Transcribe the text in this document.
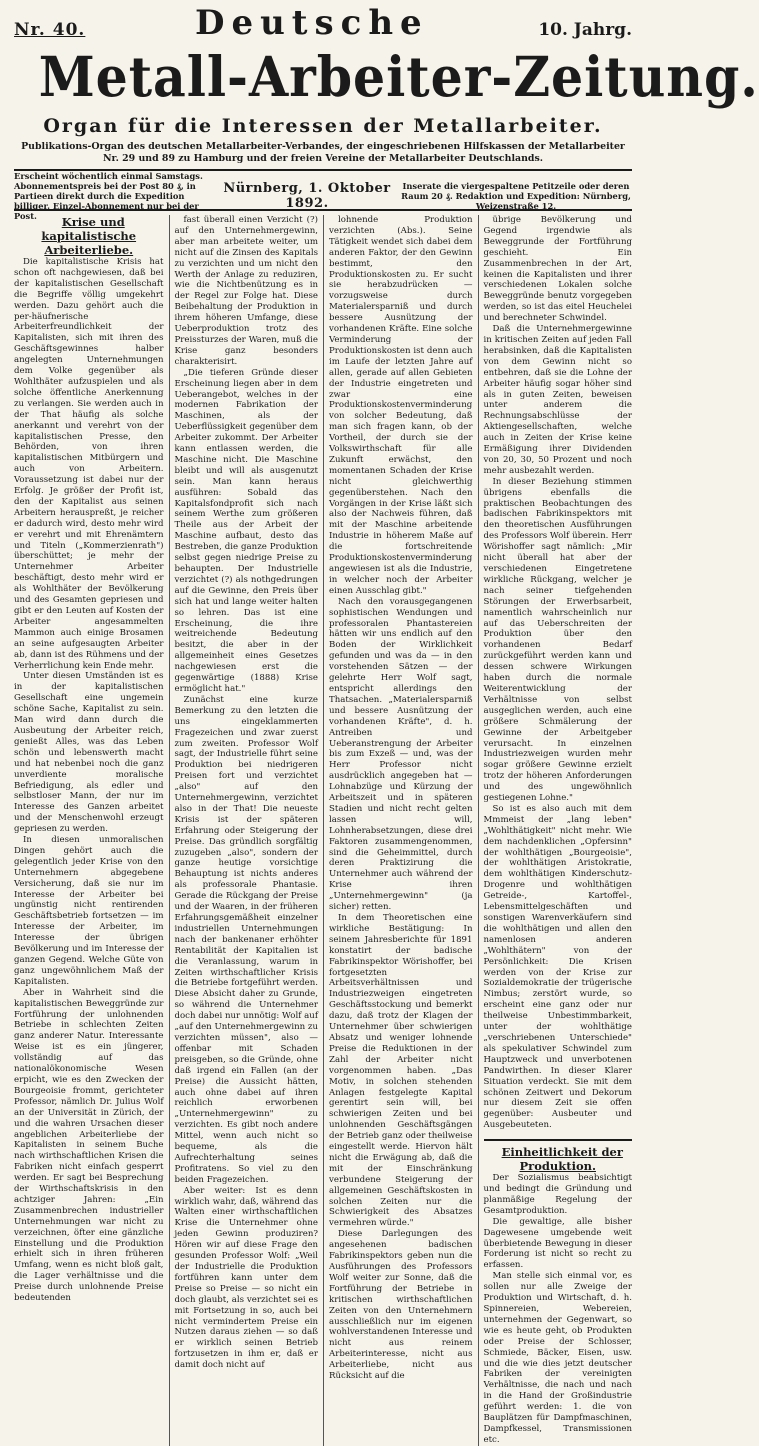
Nr. 40.	Deutsche	10. Jahrg.
Metall-Arbeiter-Zeitung.
Organ für die Interessen der Metallarbeiter.
Publikations-Organ des deutschen Metallarbeiter-Verbandes, der eingeschriebenen Hilfskassen der Metallarbeiter Nr. 29 und 89 zu Hamburg und der freien Vereine der Metallarbeiter Deutschlands.
Erscheint wöchentlich einmal Samstags. Abonnementspreis bei der Post 80 ₰, in Partieen direkt durch die Expedition billiger. Einzel-Abonnement nur bei der Post.
Nürnberg, 1. Oktober 1892.
Inserate die viergespaltene Petitzeile oder deren Raum 20 ₰. Redaktion und Expedition: Nürnberg, Weizenstraße 12.

Krise und kapitalistische Arbeiterliebe.

Die kapitalistische Krisis hat schon oft nachgewiesen, daß bei der kapitalistischen Gesellschaft die Begriffe völlig umgekehrt werden. Dazu gehört auch die per-häufnerische Arbeiterfreundlichkeit der Kapitalisten, sich mit ihren des Geschäftsgewinnes halber angelegten Unternehmungen dem Volke gegenüber als Wohlthäter aufzuspielen und als solche öffentliche Anerkennung zu verlangen. Sie werden auch in der That häufig als solche anerkannt und verehrt von der kapitalistischen Presse, den Behörden, von ihren kapitalistischen Mitbürgern und auch von Arbeitern. Voraussetzung ist dabei nur der Erfolg. Je größer der Profit ist, den der Kapitalist aus seinen Arbeitern herauspreßt, je reicher er dadurch wird, desto mehr wird er verehrt und mit Ehrenämtern und Titeln („Kommerzienrath") überschüttet; je mehr der Unternehmer Arbeiter beschäftigt, desto mehr wird er als Wohlthäter der Bevölkerung und des Gesamten gepriesen und gibt er den Leuten auf Kosten der Arbeiter angesammelten Mammon auch einige Brosamen an seine aufgesaugten Arbeiter ab, dann ist des Rühmens und der Verherrlichung kein Ende mehr.

Unter diesen Umständen ist es in der kapitalistischen Gesellschaft eine ungemein schöne Sache, Kapitalist zu sein. Man wird dann durch die Ausbeutung der Arbeiter reich, genießt Alles, was das Leben schön und lebenswerth macht und hat nebenbei noch die ganz unverdiente moralische Befriedigung, als edler und selbstloser Mann, der nur im Interesse des Ganzen arbeitet und der Menschenwohl erzeugt gepriesen zu werden.

In diesen unmoralischen Dingen gehört auch die gelegentlich jeder Krise von den Unternehmern abgegebene Versicherung, daß sie nur im Interesse der Arbeiter bei ungünstig nicht rentirenden Geschäftsbetrieb fortsetzen — im Interesse der Arbeiter, im Interesse der übrigen Bevölkerung und im Interesse der ganzen Gegend. Welche Güte von ganz ungewöhnlichem Maß der Kapitalisten.

Aber in Wahrheit sind die kapitalistischen Beweggründe zur Fortführung der unlohnenden Betriebe in schlechten Zeiten ganz anderer Natur. Interessante Weise ist es ein jüngerer, vollständig auf das nationalökonomische Wesen erpicht, wie es den Zwecken der Bourgeoisie frommt, gerichteter Professor, nämlich Dr. Julius Wolf an der Universität in Zürich, der und die wahren Ursachen dieser angeblichen Arbeiterliebe der Kapitalisten in seinem Buche nach wirthschaftlichen Krisen die Fabriken nicht einfach gesperrt werden. Er sagt bei Besprechung der Wirthschaftskrisis in den achtziger Jahren: „Ein Zusammenbrechen industrieller Unternehmungen war nicht zu verzeichnen, öfter eine gänzliche Einstellung und die Produktion erhielt sich in ihren früheren Umfang, wenn es nicht bloß galt, die Lager verhältnisse und die Preise durch unlohnende Preise bedeutenden

fast überall einen Verzicht (?) auf den Unternehmergewinn, aber man arbeitete weiter, um nicht auf die Zinsen des Kapitals zu verzichten und um nicht den Werth der Anlage zu reduziren, wie die Nichtbenützung es in der Regel zur Folge hat. Diese Beibehaltung der Produktion in ihrem höheren Umfange, diese Ueberproduktion trotz des Preissturzes der Waren, muß die Krise ganz besonders charakterisirt.

„Die tieferen Gründe dieser Erscheinung liegen aber in dem Ueberangebot, welches in der modernen Fabrikation der Maschinen, als der Ueberflüssigkeit gegenüber dem Arbeiter zukommt. Der Arbeiter kann entlassen werden, die Maschine nicht. Die Maschine bleibt und will als ausgenutzt sein. Man kann heraus ausführen: Sobald das Kapitalsfondprofit sich nach seinem Werthe zum größeren Theile aus der Arbeit der Maschine aufbaut, desto das Bestreben, die ganze Produktion selbst gegen niedrige Preise zu behaupten. Der Industrielle verzichtet (?) als nothgedrungen auf die Gewinne, den Preis über sich hat und lange weiter halten so lehren. Das ist eine Erscheinung, die ihre weitreichende Bedeutung besitzt, die aber in der allgemeinheit eines Gesetzes nachgewiesen erst die gegenwärtige (1888) Krise ermöglicht hat."

Zunächst eine kurze Bemerkung zu den letzten die uns eingeklammerten Fragezeichen und zwar zuerst zum zweiten. Professor Wolf sagt, der Industrielle führt seine Produktion bei niedrigeren Preisen fort und verzichtet „also" auf den Unternehmergewinn, verzichtet also in der That! Die neueste Krisis ist der späteren Erfahrung oder Steigerung der Preise. Das gründlich sorgfältig zuzugeben „also", sondern der ganze heutige vorsichtige Behauptung ist nichts anderes als professorale Phantasie. Gerade die Rückgang der Preise und der Waaren, in der früheren Erfahrungsgemäßheit einzelner industriellen Unternehmungen nach der bankenaner erhöhter Rentabilität der Kapitalien ist die Veranlassung, warum in Zeiten wirthschaftlicher Krisis die Betriebe fortgeführt werden. Diese Absicht daher zu Grunde, so während die Unternehmer doch dabei nur unnötig: Wolf auf „auf den Unternehmergewinn zu verzichten müssen", also — offenbar mit Schaden preisgeben, so die Gründe, ohne daß irgend ein Fallen (an der Preise) die Aussicht hätten, auch ohne dabei auf ihren reichlich erworbenen „Unternehmergewinn" zu verzichten. Es gibt noch andere Mittel, wenn auch nicht so bequeme, als die Aufrechterhaltung seines Profitratens. So viel zu den beiden Fragezeichen.

Aber weiter: Ist es denn wirklich wahr, daß, während das Walten einer wirthschaftlichen Krise die Unternehmer ohne jeden Gewinn produziren? Hören wir auf diese Frage den gesunden Professor Wolf: „Weil der Industrielle die Produktion fortführen kann unter dem Preise so Preise — so nicht ein doch glaubt, als verzichtet sei es mit Fortsetzung in so, auch bei nicht vermindertem Preise ein Nutzen daraus ziehen — so daß er wirklich seinen Betrieb fortzusetzen in ihm er, daß er damit doch nicht auf

lohnende Produktion verzichten (Abs.). Seine Tätigkeit wendet sich dabei dem anderen Faktor, der den Gewinn bestimmt, den Produktionskosten zu. Er sucht sie herabzudrücken — vorzugsweise durch Materialersparniß und durch bessere Ausnützung der vorhandenen Kräfte. Eine solche Verminderung der Produktionskosten ist denn auch im Laufe der letzten Jahre auf allen, gerade auf allen Gebieten der Industrie eingetreten und zwar eine Produktionskostenverminderung von solcher Bedeutung, daß man sich fragen kann, ob der Vortheil, der durch sie der Volkswirthschaft für alle Zukunft erwächst, den momentanen Schaden der Krise nicht gleichwerthig gegenüberstehen. Nach den Vorgängen in der Krise läßt sich also der Nachweis führen, daß mit der Maschine arbeitende Industrie in höherem Maße auf die fortschreitende Produktionskostenverminderung angewiesen ist als die Industrie, in welcher noch der Arbeiter einen Ausschlag gibt."

Nach den vorausgegangenen sophistischen Wendungen und professoralen Phantastereien hätten wir uns endlich auf den Boden der Wirklichkeit gefunden und was da — in den vorstehenden Sätzen — der gelehrte Herr Wolf sagt, entspricht allerdings den Thatsachen. „Materialersparniß und bessere Ausnützung der vorhandenen Kräfte", d. h. Antreiben und Ueberanstrengung der Arbeiter bis zum Exzeß — und, was der Herr Professor nicht ausdrücklich angegeben hat — Lohnabzüge und Kürzung der Arbeitszeit und in späteren Stadien und nicht recht gelten lassen will, Lohnherabsetzungen, diese drei Faktoren zusammengenommen, sind die Geheimmittel, durch deren Praktizirung die Unternehmer auch während der Krise ihren „Unternehmergewinn" (ja sicher) retten.

In dem Theoretischen eine wirkliche Bestätigung: In seinem Jahresberichte für 1891 konstatirt der badische Fabrikinspektor Wörishoffer, bei fortgesetzten Arbeitsverhältnissen und Industriezweigen eingetreten Geschäftsstockung und bemerkt dazu, daß trotz der Klagen der Unternehmer über schwierigen Absatz und weniger lohnende Preise die Reduktionen in der Zahl der Arbeiter nicht vorgenommen haben. „Das Motiv, in solchen stehenden Anlagen festgelegte Kapital gerentirt sein will, bei schwierigen Zeiten und bei unlohnenden Geschäftsgängen der Betrieb ganz oder theilweise eingestellt werde. Hiervon hält nicht die Erwägung ab, daß die mit der Einschränkung verbundene Steigerung der allgemeinen Geschäftskosten in solchen Zeiten nur die Schwierigkeit des Absatzes vermehren würde."

Diese Darlegungen des angesehenen badischen Fabrikinspektors geben nun die Ausführungen des Professors Wolf weiter zur Sonne, daß die Fortführung der Betriebe in kritischen wirthschaftlichen Zeiten von den Unternehmern ausschließlich nur im eigenen wohlverstandenen Interesse und nicht aus reinem Arbeiterinteresse, nicht aus Arbeiterliebe, nicht aus Rücksicht auf die

übrige Bevölkerung und Gegend irgendwie als Beweggrunde der Fortführung geschieht. Ein Zusammenbrechen in der Art, keinen die Kapitalisten und ihrer verschiedenen Lokalen solche Beweggründe benutz vorgegeben werden, so ist das eitel Heuchelei und berechneter Schwindel.

Daß die Unternehmergewinne in kritischen Zeiten auf jeden Fall herabsinken, daß die Kapitalisten von dem Gewinn nicht so entbehren, daß sie die Lohne der Arbeiter häufig sogar höher sind als in guten Zeiten, beweisen unter anderem die Rechnungsabschlüsse der Aktiengesellschaften, welche auch in Zeiten der Krise keine Ermäßigung ihrer Dividenden von 20, 30, 50 Prozent und noch mehr ausbezahlt werden.

In dieser Beziehung stimmen übrigens ebenfalls die praktischen Beobachtungen des badischen Fabrikinspektors mit den theoretischen Ausführungen des Professors Wolf überein. Herr Wörishoffer sagt nämlich: „Mir nicht überall hat aber der verschiedenen Eingetretene wirkliche Rückgang, welcher je nach seiner tiefgehenden Störungen der Erwerbsarbeit, namentlich wahrscheinlich nur auf das Ueberschreiten der Produktion über den vorhandenen Bedarf zurückgeführt werden kann und dessen schwere Wirkungen haben durch die normale Weiterentwicklung der Verhältnisse von selbst ausgeglichen werden, auch eine größere Schmälerung der Gewinne der Arbeitgeber verursacht. In einzelnen Industriezweigen wurden mehr sogar größere Gewinne erzielt trotz der höheren Anforderungen und des ungewöhnlich gestiegenen Lohne."

So ist es also auch mit dem Mmmeist der „lang leben" „Wohlthätigkeit" nicht mehr. Wie dem nachdenklichen „Opfersinn" der wohlthätigen „Bourgeoisie", der wohlthätigen Aristokratie, dem wohlthätigen Kinderschutz-Drogenre und wohlthätigen Getreide-, Kartoffel-, Lebensmittelgeschäften und sonstigen Warenverkäufern sind die wohlthätigen und allen den namenlosen anderen „Wohlthätern" von der Persönlichkeit: Die Krisen werden von der Krise zur Sozialdemokratie der trügerische Nimbus; zerstört wurde, so erscheint eine ganz oder nur theilweise Unbestimmbarkeit, unter der wohlthätige „verschriebenen Unterschiede" als spekulativer Schwindel zum Hauptzweck und unverbotenen Pandwirthen. In dieser Klarer Situation verdeckt. Sie mit dem schönen Zeitwert und Dekorum nur diesem Zeit sie offen gegenüber: Ausbeuter und Ausgebeuteten.

Einheitlichkeit der Produktion.

Der Sozialismus beabsichtigt und bedingt die Gründung und planmäßige Regelung der Gesamtproduktion.

Die gewaltige, alle bisher Dagewesene umgebende weit überbietende Bewegung in dieser Forderung ist nicht so recht zu erfassen.

Man stelle sich einmal vor, es sollen nur alle Zweige der Produktion und Wirtschaft, d. h. Spinnereien, Webereien, unternehmen der Gegenwart, so wie es heute geht, ob Produkten oder Preise der Schlosser, Schmiede, Bäcker, Eisen, usw. und die wie dies jetzt deutscher Fabriken der vereinigten Verhältnisse, die nach und nach in die Hand der Großindustrie geführt werden: 1. die von Bauplätzen für Dampfmaschinen, Dampfkessel, Transmissionen etc.
